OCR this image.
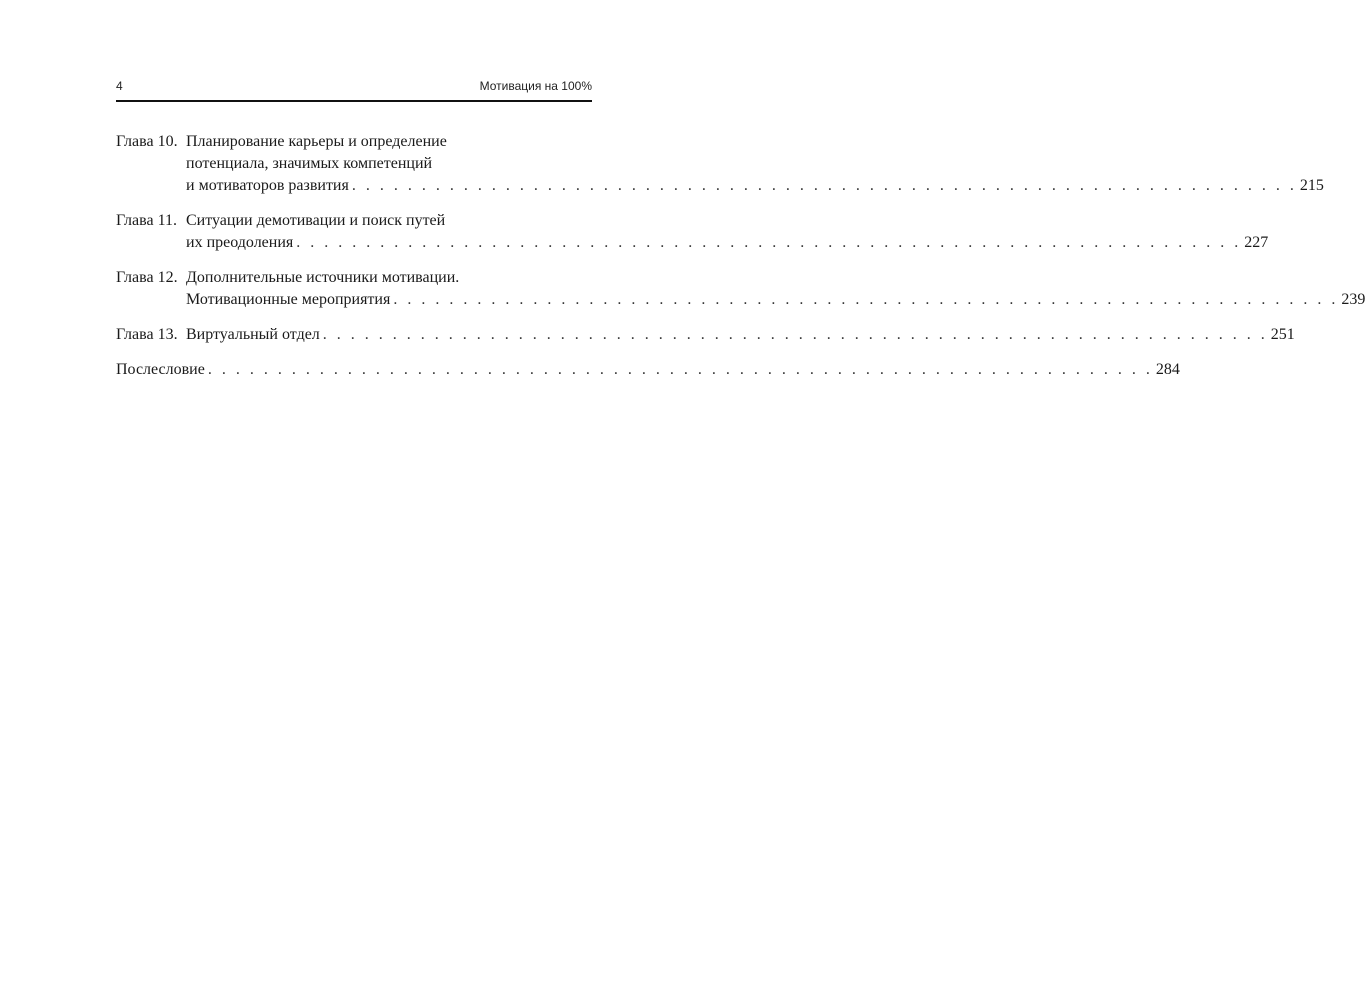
4	Мотивация на 100%
Глава 10. Планирование карьеры и определение
потенциала, значимых компетенций
и мотиваторов развития . . . . . . . . . . . . . . . . . . . . . . . . . . . . . . . . . . . . . . . . . . . . . . . . . . . . . . . . . . . . . . . . . . . . 215
Глава 11. Ситуации демотивации и поиск путей
их преодоления . . . . . . . . . . . . . . . . . . . . . . . . . . . . . . . . . . . . . . . . . . . . . . . . . . . . . . . . . . . . . . . . . . . . 227
Глава 12. Дополнительные источники мотивации.
Мотивационные мероприятия . . . . . . . . . . . . . . . . . . . . . . . . . . . . . . . . . . . . . . . . . . . . . . . . . . . . . . . . . . . . . . . . . . . . 239
Глава 13. Виртуальный отдел . . . . . . . . . . . . . . . . . . . . . . . . . . . . . . . . . . . . . . . . . . . . . . . . . . . . . . . . . . . . . . . . . . . . 251
Послесловие . . . . . . . . . . . . . . . . . . . . . . . . . . . . . . . . . . . . . . . . . . . . . . . . . . . . . . . . . . . . . . . . . . . . 284
